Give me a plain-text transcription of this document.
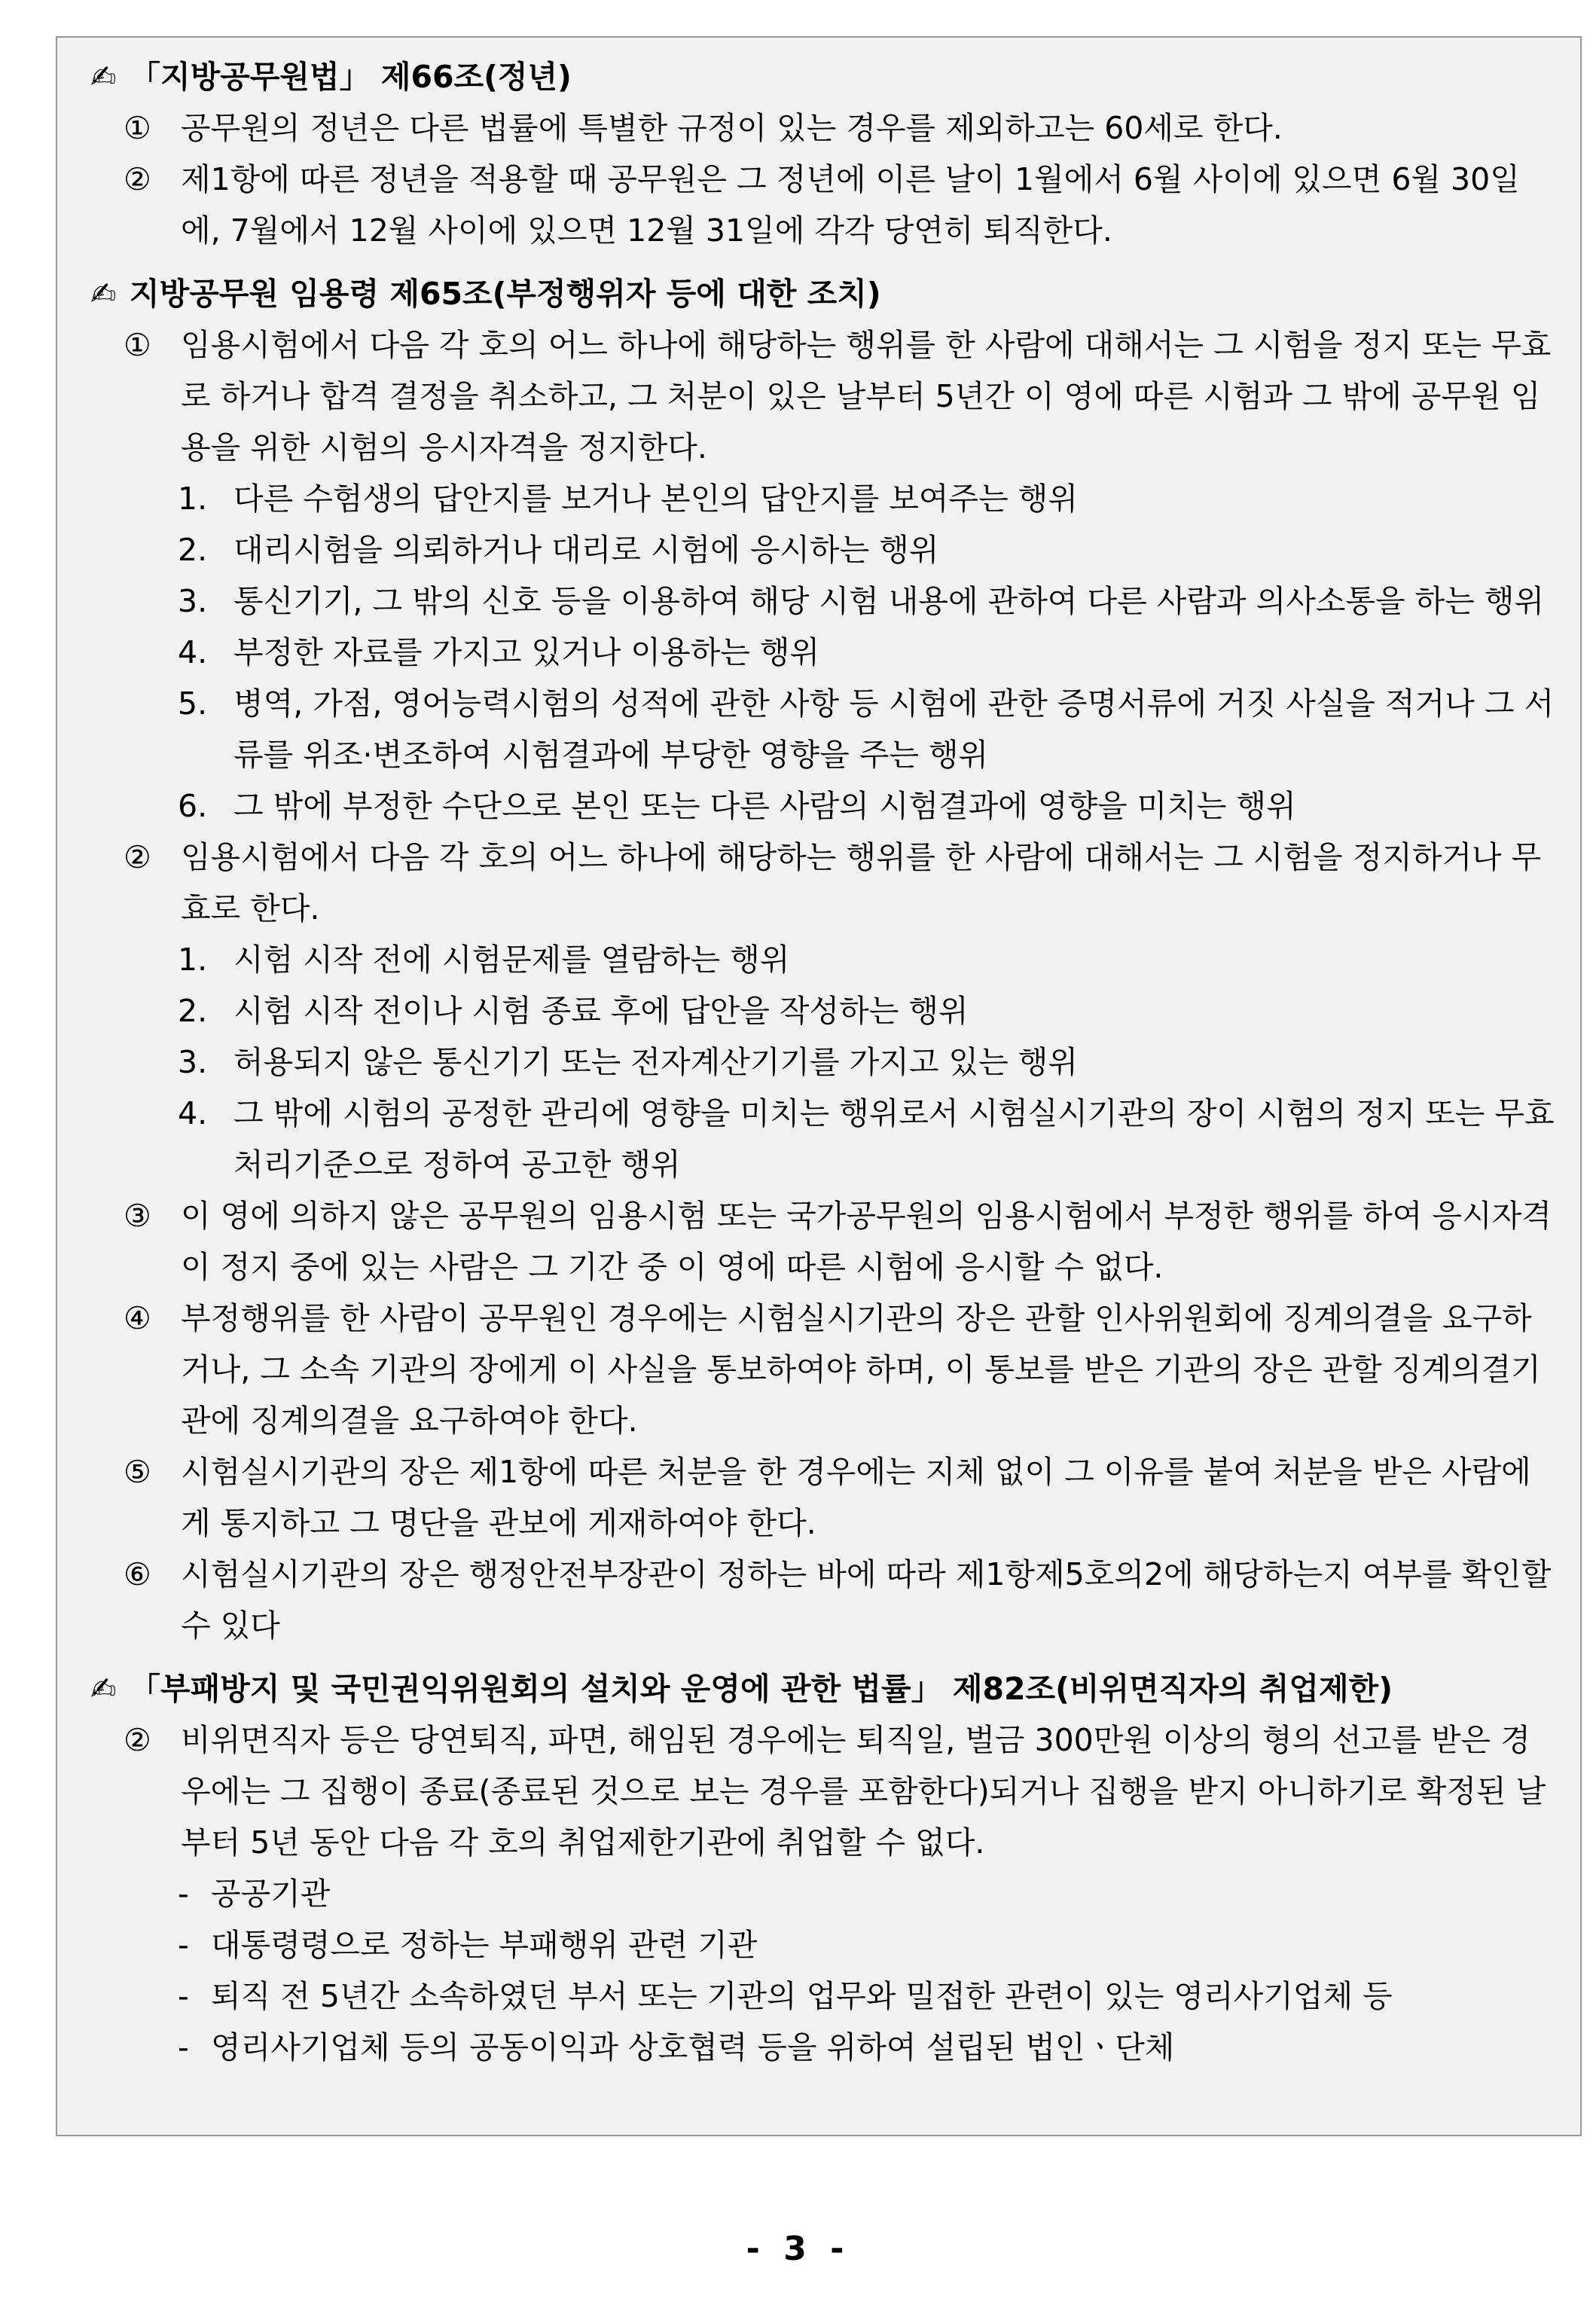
✍ 「지방공무원법」 제66조(정년)
① 공무원의 정년은 다른 법률에 특별한 규정이 있는 경우를 제외하고는 60세로 한다.
② 제1항에 따른 정년을 적용할 때 공무원은 그 정년에 이른 날이 1월에서 6월 사이에 있으면 6월 30일에, 7월에서 12월 사이에 있으면 12월 31일에 각각 당연히 퇴직한다.
✍ 지방공무원 임용령 제65조(부정행위자 등에 대한 조치)
① 임용시험에서 다음 각 호의 어느 하나에 해당하는 행위를 한 사람에 대해서는 그 시험을 정지 또는 무효로 하거나 합격 결정을 취소하고, 그 처분이 있은 날부터 5년간 이 영에 따른 시험과 그 밖에 공무원 임용을 위한 시험의 응시자격을 정지한다.
1. 다른 수험생의 답안지를 보거나 본인의 답안지를 보여주는 행위
2. 대리시험을 의뢰하거나 대리로 시험에 응시하는 행위
3. 통신기기, 그 밖의 신호 등을 이용하여 해당 시험 내용에 관하여 다른 사람과 의사소통을 하는 행위
4. 부정한 자료를 가지고 있거나 이용하는 행위
5. 병역, 가점, 영어능력시험의 성적에 관한 사항 등 시험에 관한 증명서류에 거짓 사실을 적거나 그 서류를 위조·변조하여 시험결과에 부당한 영향을 주는 행위
6. 그 밖에 부정한 수단으로 본인 또는 다른 사람의 시험결과에 영향을 미치는 행위
② 임용시험에서 다음 각 호의 어느 하나에 해당하는 행위를 한 사람에 대해서는 그 시험을 정지하거나 무효로 한다.
1. 시험 시작 전에 시험문제를 열람하는 행위
2. 시험 시작 전이나 시험 종료 후에 답안을 작성하는 행위
3. 허용되지 않은 통신기기 또는 전자계산기기를 가지고 있는 행위
4. 그 밖에 시험의 공정한 관리에 영향을 미치는 행위로서 시험실시기관의 장이 시험의 정지 또는 무효 처리기준으로 정하여 공고한 행위
③ 이 영에 의하지 않은 공무원의 임용시험 또는 국가공무원의 임용시험에서 부정한 행위를 하여 응시자격이 정지 중에 있는 사람은 그 기간 중 이 영에 따른 시험에 응시할 수 없다.
④ 부정행위를 한 사람이 공무원인 경우에는 시험실시기관의 장은 관할 인사위원회에 징계의결을 요구하거나, 그 소속 기관의 장에게 이 사실을 통보하여야 하며, 이 통보를 받은 기관의 장은 관할 징계의결기관에 징계의결을 요구하여야 한다.
⑤ 시험실시기관의 장은 제1항에 따른 처분을 한 경우에는 지체 없이 그 이유를 붙여 처분을 받은 사람에게 통지하고 그 명단을 관보에 게재하여야 한다.
⑥ 시험실시기관의 장은 행정안전부장관이 정하는 바에 따라 제1항제5호의2에 해당하는지 여부를 확인할 수 있다
✍ 「부패방지 및 국민권익위원회의 설치와 운영에 관한 법률」 제82조(비위면직자의 취업제한)
② 비위면직자 등은 당연퇴직, 파면, 해임된 경우에는 퇴직일, 벌금 300만원 이상의 형의 선고를 받은 경우에는 그 집행이 종료(종료된 것으로 보는 경우를 포함한다)되거나 집행을 받지 아니하기로 확정된 날부터 5년 동안 다음 각 호의 취업제한기관에 취업할 수 없다.
- 공공기관
- 대통령령으로 정하는 부패행위 관련 기관
- 퇴직 전 5년간 소속하였던 부서 또는 기관의 업무와 밀접한 관련이 있는 영리사기업체 등
- 영리사기업체 등의 공동이익과 상호협력 등을 위하여 설립된 법인ㆍ단체
- 3 -
